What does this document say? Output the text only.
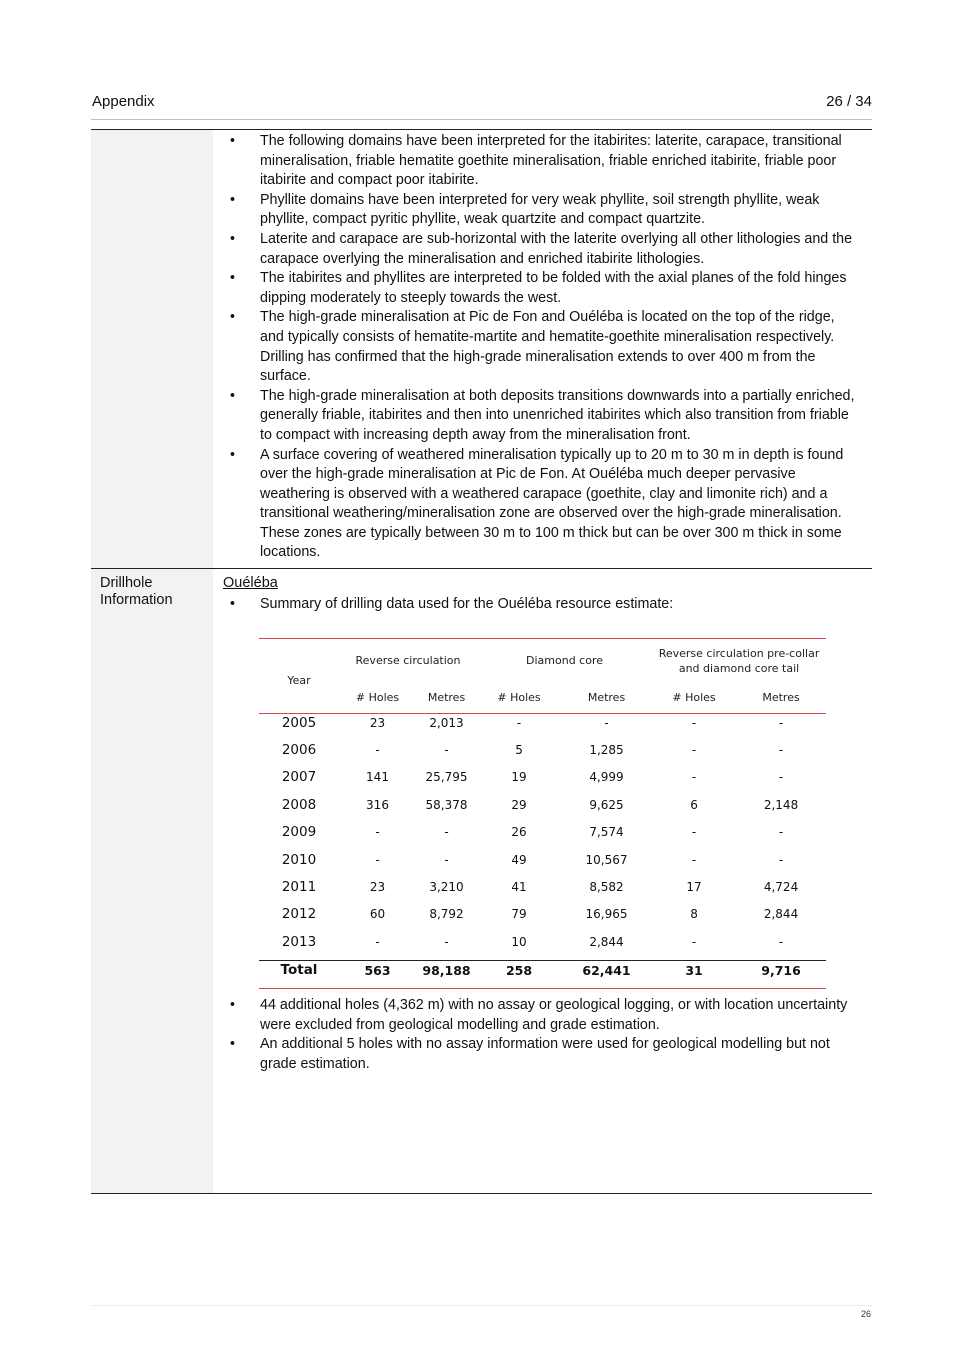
Appendix	26 / 34

• The following domains have been interpreted for the itabirites: laterite, carapace, transitional mineralisation, friable hematite goethite mineralisation, friable enriched itabirite, friable poor itabirite and compact poor itabirite.
• Phyllite domains have been interpreted for very weak phyllite, soil strength phyllite, weak phyllite, compact pyritic phyllite, weak quartzite and compact quartzite.
• Laterite and carapace are sub-horizontal with the laterite overlying all other lithologies and the carapace overlying the mineralisation and enriched itabirite lithologies.
• The itabirites and phyllites are interpreted to be folded with the axial planes of the fold hinges dipping moderately to steeply towards the west.
• The high-grade mineralisation at Pic de Fon and Ouéléba is located on the top of the ridge, and typically consists of hematite-martite and hematite-goethite mineralisation respectively. Drilling has confirmed that the high-grade mineralisation extends to over 400 m from the surface.
• The high-grade mineralisation at both deposits transitions downwards into a partially enriched, generally friable, itabirites and then into unenriched itabirites which also transition from friable to compact with increasing depth away from the mineralisation front.
• A surface covering of weathered mineralisation typically up to 20 m to 30 m in depth is found over the high-grade mineralisation at Pic de Fon. At Ouéléba much deeper pervasive weathering is observed with a weathered carapace (goethite, clay and limonite rich) and a transitional weathering/mineralisation zone are observed over the high-grade mineralisation. These zones are typically between 30 m to 100 m thick but can be over 300 m thick in some locations.

Drillhole
Information

Ouéléba
• Summary of drilling data used for the Ouéléba resource estimate:
Year	Reverse circulation	Diamond core	
Reverse circulation pre-collar
and diamond core tail

# Holes	Metres	# Holes	Metres	# Holes	Metres
2005	23	2,013	-	-	-	-
2006	-	-	5	1,285	-	-
2007	141	25,795	19	4,999	-	-
2008	316	58,378	29	9,625	6	2,148
2009	-	-	26	7,574	-	-
2010	-	-	49	10,567	-	-
2011	23	3,210	41	8,582	17	4,724
2012	60	8,792	79	16,965	8	2,844
2013	-	-	10	2,844	-	-
Total	563	98,188	258	62,441	31	9,716
• 44 additional holes (4,362 m) with no assay or geological logging, or with location uncertainty were excluded from geological modelling and grade estimation.
• An additional 5 holes with no assay information were used for geological modelling but not grade estimation.
26
